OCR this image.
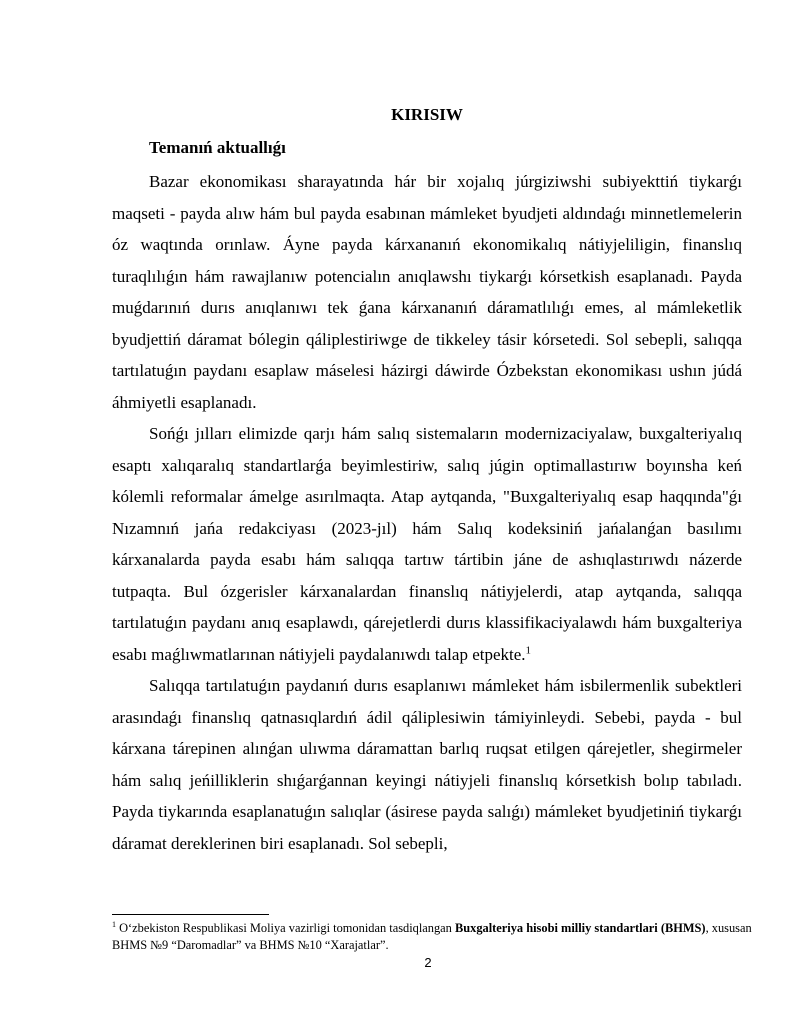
KIRISIW
Temanıń aktuallıǵı

Bazar ekonomikası sharayatında hár bir xojalıq júrgiziwshi subiyekttiń tiykarǵı maqseti - payda alıw hám bul payda esabınan mámleket byudjeti aldındaǵı minnetlemelerin óz waqtında orınlaw. Áyne payda kárxananıń ekonomikalıq nátiyjeliligin, finanslıq turaqlılıǵın hám rawajlanıw potencialın anıqlawshı tiykarǵı kórsetkish esaplanadı. Payda muǵdarınıń durıs anıqlanıwı tek ǵana kárxananıń dáramatlılıǵı emes, al mámleketlik byudjettiń dáramat bólegin qáliplestiriwge de tikkeley tásir kórsetedi. Sol sebepli, salıqqa tartılatuǵın paydanı esaplaw máselesi házirgi dáwirde Ózbekstan ekonomikası ushın júdá áhmiyetli esaplanadı.

Sońǵı jılları elimizde qarjı hám salıq sistemaların modernizaciyalaw, buxgalteriyalıq esaptı xalıqaralıq standartlarǵa beyimlestiriw, salıq júgin optimallastırıw boyınsha keń kólemli reformalar ámelge asırılmaqta. Atap aytqanda, "Buxgalteriyalıq esap haqqında"ǵı Nızamnıń jańa redakciyası (2023-jıl) hám Salıq kodeksiniń jańalanǵan basılımı kárxanalarda payda esabı hám salıqqa tartıw tártibin jáne de ashıqlastırıwdı názerde tutpaqta. Bul ózgerisler kárxanalardan finanslıq nátiyjelerdi, atap aytqanda, salıqqa tartılatuǵın paydanı anıq esaplawdı, qárejetlerdi durıs klassifikaciyalawdı hám buxgalteriya esabı maǵlıwmatlarınan nátiyjeli paydalanıwdı talap etpekte.$^1$

Salıqqa tartılatuǵın paydanıń durıs esaplanıwı mámleket hám isbilermenlik subektleri arasındaǵı finanslıq qatnasıqlardıń ádil qáliplesiwin támiyinleydi. Sebebi, payda - bul kárxana tárepinen alınǵan ulıwma dáramattan barlıq ruqsat etilgen qárejetler, shegirmeler hám salıq jeńilliklerin shıǵarǵannan keyingi nátiyjeli finanslıq kórsetkish bolıp tabıladı. Payda tiykarında esaplanatuǵın salıqlar (ásirese payda salıǵı) mámleket byudjetiniń tiykarǵı dáramat dereklerinen biri esaplanadı. Sol sebepli,

$^1$ O‘zbekiston Respublikasi Moliya vazirligi tomonidan tasdiqlangan Buxgalteriya hisobi milliy standartlari (BHMS), xususan BHMS №9 “Daromadlar” va BHMS №10 “Xarajatlar”.
2
